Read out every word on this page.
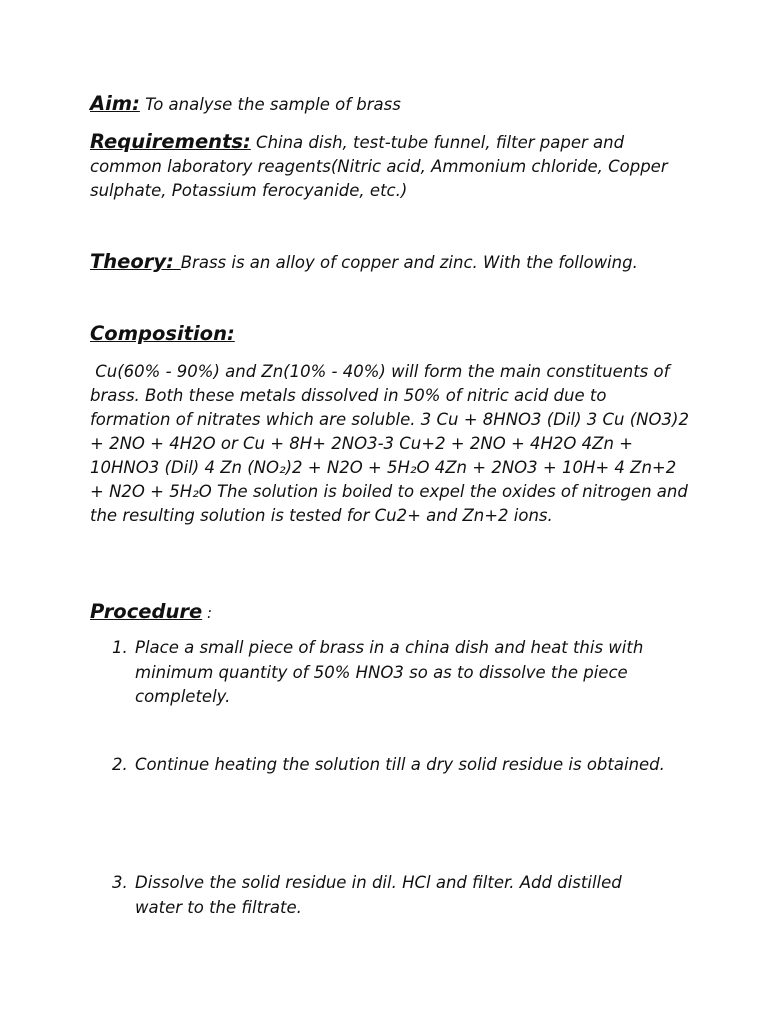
Aim: To analyse the sample of brass
Requirements: China dish, test-tube funnel, filter paper and common laboratory reagents(Nitric acid, Ammonium chloride, Copper sulphate, Potassium ferocyanide, etc.)
Theory: Brass is an alloy of copper and zinc. With the following.
Composition:
Cu(60% - 90%) and Zn(10% - 40%) will form the main constituents of brass. Both these metals dissolved in 50% of nitric acid due to formation of nitrates which are soluble. 3 Cu + 8HNO3 (Dil) 3 Cu (NO3)2 + 2NO + 4H2O or Cu + 8H+ 2NO3-3 Cu+2 + 2NO + 4H2O 4Zn + 10HNO3 (Dil) 4 Zn (NO₂)2 + N2O + 5H₂O 4Zn + 2NO3 + 10H+ 4 Zn+2 + N2O + 5H₂O The solution is boiled to expel the oxides of nitrogen and the resulting solution is tested for Cu2+ and Zn+2 ions.
Procedure :
1. Place a small piece of brass in a china dish and heat this with minimum quantity of 50% HNO3 so as to dissolve the piece completely.
2. Continue heating the solution till a dry solid residue is obtained.
3. Dissolve the solid residue in dil. HCl and filter. Add distilled water to the filtrate.
